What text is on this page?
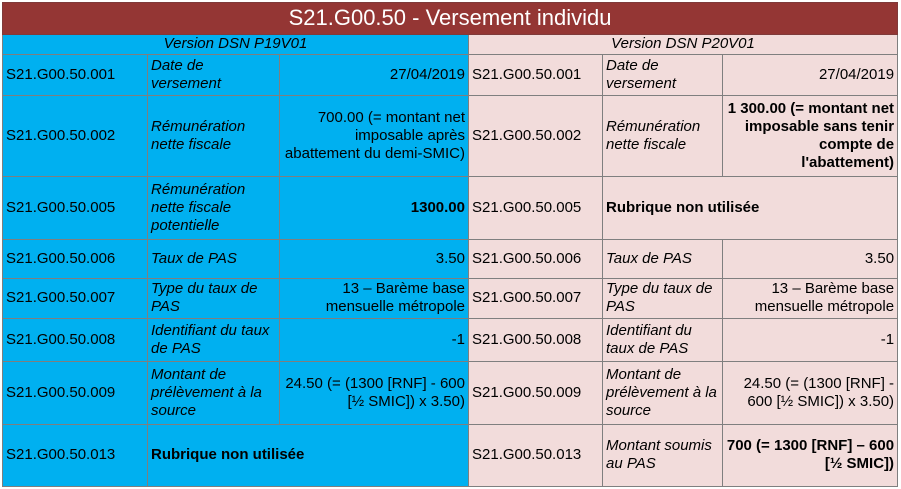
S21.G00.50 - Versement individu					
Version DSN P19V01			Version DSN P20V01		
S21.G00.50.001	Date de versement	27/04/2019	S21.G00.50.001	Date de versement	27/04/2019
S21.G00.50.002	Rémunération nette fiscale	700.00 (= montant net imposable après abattement du demi-SMIC)	S21.G00.50.002	Rémunération nette fiscale	1 300.00 (= montant net imposable sans tenir compte de l'abattement)
S21.G00.50.005	Rémunération nette fiscale potentielle	1300.00	S21.G00.50.005	Rubrique non utilisée	
S21.G00.50.006	Taux de PAS	3.50	S21.G00.50.006	Taux de PAS	3.50
S21.G00.50.007	Type du taux de PAS	13 – Barème base mensuelle métropole	S21.G00.50.007	Type du taux de PAS	13 – Barème base mensuelle métropole
S21.G00.50.008	Identifiant du taux de PAS	-1	S21.G00.50.008	Identifiant du taux de PAS	-1
S21.G00.50.009	Montant de prélèvement à la source	24.50 (= (1300 [RNF] - 600 [½ SMIC]) x 3.50)	S21.G00.50.009	Montant de prélèvement à la source	24.50 (= (1300 [RNF] - 600 [½ SMIC]) x 3.50)
S21.G00.50.013	Rubrique non utilisée		S21.G00.50.013	Montant soumis au PAS	700 (= 1300 [RNF] – 600 [½ SMIC])
